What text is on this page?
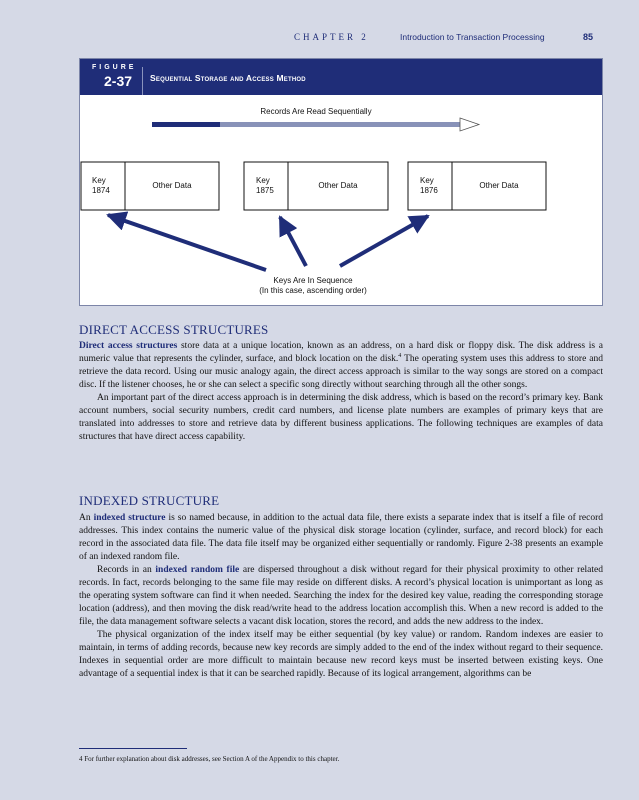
CHAPTER 2	Introduction to Transaction Processing	85
FIGURE
2-37 Sequential Storage and Access Method
Records Are Read Sequentially
Key
1874
Other Data
Key
1875
Other Data
Key
1876
Other Data
Keys Are In Sequence
(In this case, ascending order)
DIRECT ACCESS STRUCTURES

Direct access structures store data at a unique location, known as an address, on a hard disk or floppy disk. The disk address is a numeric value that represents the cylinder, surface, and block location on the disk.$^4$ The operating system uses this address to store and retrieve the data record. Using our music analogy again, the direct access approach is similar to the way songs are stored on a compact disc. If the listener chooses, he or she can select a specific song directly without searching through all the other songs.

An important part of the direct access approach is in determining the disk address, which is based on the record’s primary key. Bank account numbers, social security numbers, credit card numbers, and license plate numbers are examples of primary keys that are translated into addresses to store and retrieve data by different business applications. The following techniques are examples of data structures that have direct access capability.

INDEXED STRUCTURE

An indexed structure is so named because, in addition to the actual data file, there exists a separate index that is itself a file of record addresses. This index contains the numeric value of the physical disk storage location (cylinder, surface, and record block) for each record in the associated data file. The data file itself may be organized either sequentially or randomly. Figure 2-38 presents an example of an indexed random file.

Records in an indexed random file are dispersed throughout a disk without regard for their physical proximity to other related records. In fact, records belonging to the same file may reside on different disks. A record’s physical location is unimportant as long as the operating system software can find it when needed. Searching the index for the desired key value, reading the corresponding storage location (address), and then moving the disk read/write head to the address location accomplish this. When a new record is added to the file, the data management software selects a vacant disk location, stores the record, and adds the new address to the index.

The physical organization of the index itself may be either sequential (by key value) or random. Random indexes are easier to maintain, in terms of adding records, because new key records are simply added to the end of the index without regard to their sequence. Indexes in sequential order are more difficult to maintain because new record keys must be inserted between existing keys. One advantage of a sequential index is that it can be searched rapidly. Because of its logical arrangement, algorithms can be

4 For further explanation about disk addresses, see Section A of the Appendix to this chapter.
